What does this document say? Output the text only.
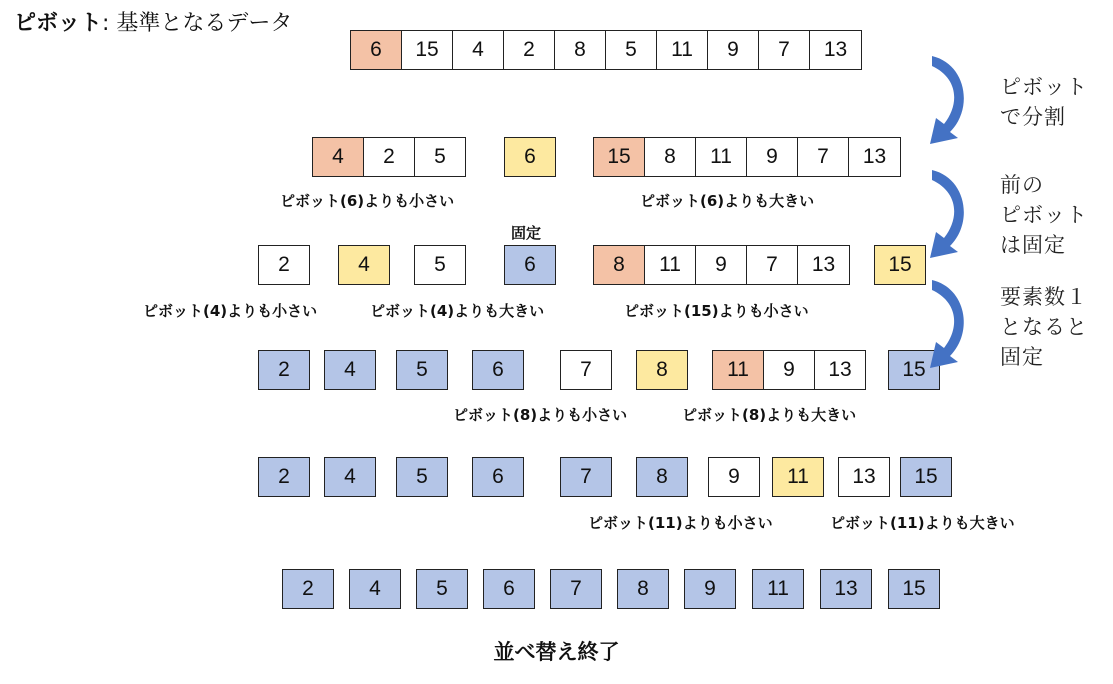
ピボット: 基準となるデータ
6	15	4	2	8	5	11	9	7	13
4	2	5	6	15	8	11	9	7	13
ピボット(6)よりも小さい	ピボット(6)よりも大きい
固定
2	4	5	6	8	11	9	7	13	15
ピボット(4)よりも小さい	ピボット(4)よりも大きい	ピボット(15)よりも小さい
2	4	5	6	7	8	11	9	13	15
ピボット(8)よりも小さい	ピボット(8)よりも大きい
2	4	5	6	7	8	9	11	13	15
ピボット(11)よりも小さい	ピボット(11)よりも大きい
2	4	5	6	7	8	9	11	13	15
並べ替え終了
ピボット
で分割
前の
ピボット
は固定
要素数１
となると
固定
